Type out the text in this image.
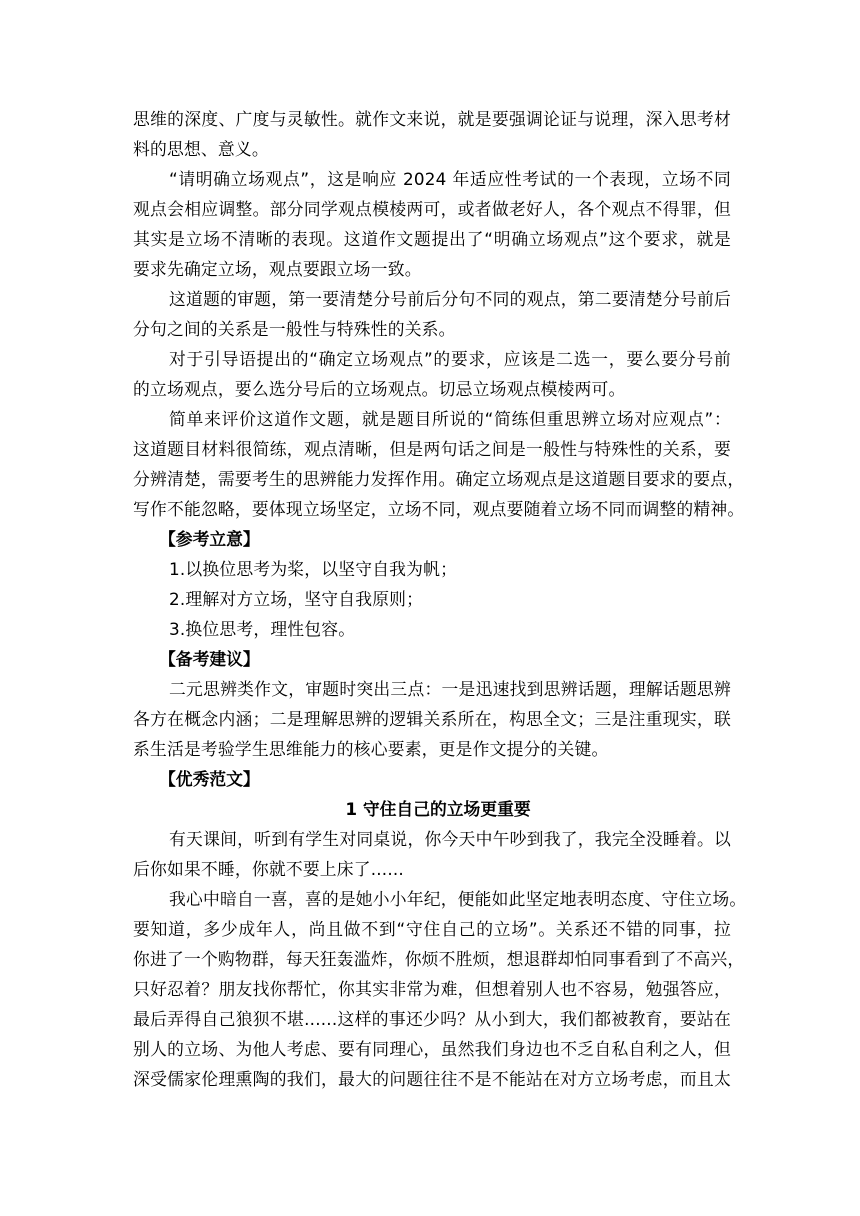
思维的深度、广度与灵敏性。就作文来说，就是要强调论证与说理，深入思考材
料的思想、意义。
“请明确立场观点”，这是响应 2024 年适应性考试的一个表现，立场不同
观点会相应调整。部分同学观点模棱两可，或者做老好人，各个观点不得罪，但
其实是立场不清晰的表现。这道作文题提出了“明确立场观点”这个要求，就是
要求先确定立场，观点要跟立场一致。
这道题的审题，第一要清楚分号前后分句不同的观点，第二要清楚分号前后
分句之间的关系是一般性与特殊性的关系。
对于引导语提出的“确定立场观点”的要求，应该是二选一，要么要分号前
的立场观点，要么选分号后的立场观点。切忌立场观点模棱两可。
简单来评价这道作文题，就是题目所说的“简练但重思辨立场对应观点”：
这道题目材料很简练，观点清晰，但是两句话之间是一般性与特殊性的关系，要
分辨清楚，需要考生的思辨能力发挥作用。确定立场观点是这道题目要求的要点，
写作不能忽略，要体现立场坚定，立场不同，观点要随着立场不同而调整的精神。
【参考立意】
1.以换位思考为桨，以坚守自我为帆；
2.理解对方立场，坚守自我原则；
3.换位思考，理性包容。
【备考建议】
二元思辨类作文，审题时突出三点：一是迅速找到思辨话题，理解话题思辨
各方在概念内涵；二是理解思辨的逻辑关系所在，构思全文；三是注重现实，联
系生活是考验学生思维能力的核心要素，更是作文提分的关键。
【优秀范文】
1 守住自己的立场更重要
有天课间，听到有学生对同桌说，你今天中午吵到我了，我完全没睡着。以
后你如果不睡，你就不要上床了......
我心中暗自一喜，喜的是她小小年纪，便能如此坚定地表明态度、守住立场。
要知道，多少成年人，尚且做不到“守住自己的立场”。关系还不错的同事，拉
你进了一个购物群，每天狂轰滥炸，你烦不胜烦，想退群却怕同事看到了不高兴，
只好忍着？朋友找你帮忙，你其实非常为难，但想着别人也不容易，勉强答应，
最后弄得自己狼狈不堪......这样的事还少吗？从小到大，我们都被教育，要站在
别人的立场、为他人考虑、要有同理心，虽然我们身边也不乏自私自利之人，但
深受儒家伦理熏陶的我们，最大的问题往往不是不能站在对方立场考虑，而且太
